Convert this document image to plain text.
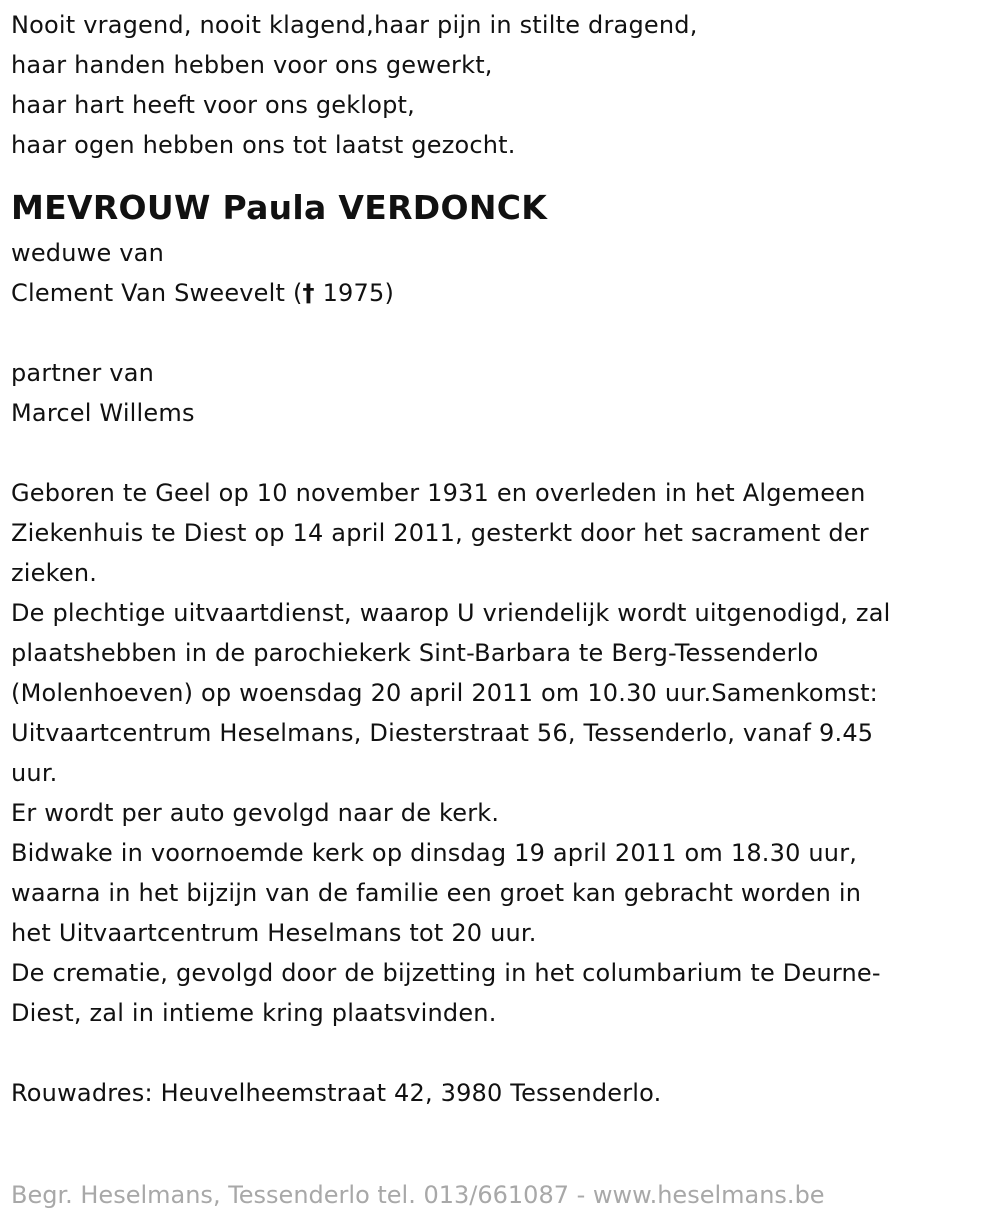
Nooit vragend, nooit klagend,haar pijn in stilte dragend,
haar handen hebben voor ons gewerkt,
haar hart heeft voor ons geklopt,
haar ogen hebben ons tot laatst gezocht.
MEVROUW Paula VERDONCK
weduwe van
Clement Van Sweevelt († 1975)
partner van
Marcel Willems
Geboren te Geel op 10 november 1931 en overleden in het Algemeen
Ziekenhuis te Diest op 14 april 2011, gesterkt door het sacrament der
zieken.
De plechtige uitvaartdienst, waarop U vriendelijk wordt uitgenodigd, zal
plaatshebben in de parochiekerk Sint-Barbara te Berg-Tessenderlo
(Molenhoeven) op woensdag 20 april 2011 om 10.30 uur.Samenkomst:
Uitvaartcentrum Heselmans, Diesterstraat 56, Tessenderlo, vanaf 9.45
uur.
Er wordt per auto gevolgd naar de kerk.
Bidwake in voornoemde kerk op dinsdag 19 april 2011 om 18.30 uur,
waarna in het bijzijn van de familie een groet kan gebracht worden in
het Uitvaartcentrum Heselmans tot 20 uur.
De crematie, gevolgd door de bijzetting in het columbarium te Deurne-
Diest, zal in intieme kring plaatsvinden.
Rouwadres: Heuvelheemstraat 42, 3980 Tessenderlo.
Begr. Heselmans, Tessenderlo tel. 013/661087 - www.heselmans.be
